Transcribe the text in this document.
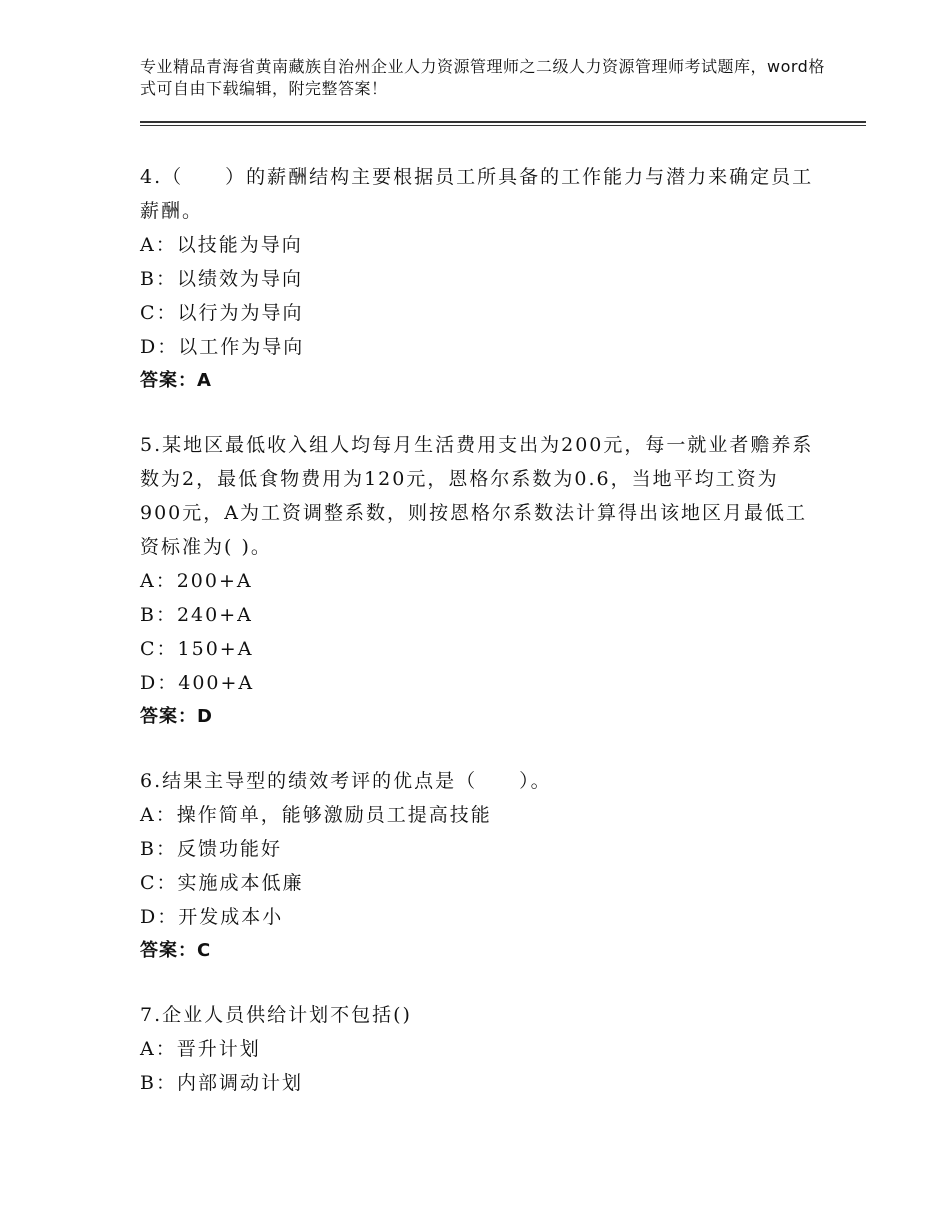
专业精品青海省黄南藏族自治州企业人力资源管理师之二级人力资源管理师考试题库，word格式可自由下载编辑，附完整答案！

4.（　　）的薪酬结构主要根据员工所具备的工作能力与潜力来确定员工薪酬。

A：以技能为导向
B：以绩效为导向
C：以行为为导向
D：以工作为导向
答案：A

5.某地区最低收入组人均每月生活费用支出为200元，每一就业者赡养系数为2，最低食物费用为120元，恩格尔系数为0.6，当地平均工资为900元，A为工资调整系数，则按恩格尔系数法计算得出该地区月最低工资标准为( )。

A：200+A
B：240+A
C：150+A
D：400+A
答案：D

6.结果主导型的绩效考评的优点是（　　）。

A：操作简单，能够激励员工提高技能
B：反馈功能好
C：实施成本低廉
D：开发成本小
答案：C

7.企业人员供给计划不包括()

A：晋升计划
B：内部调动计划
